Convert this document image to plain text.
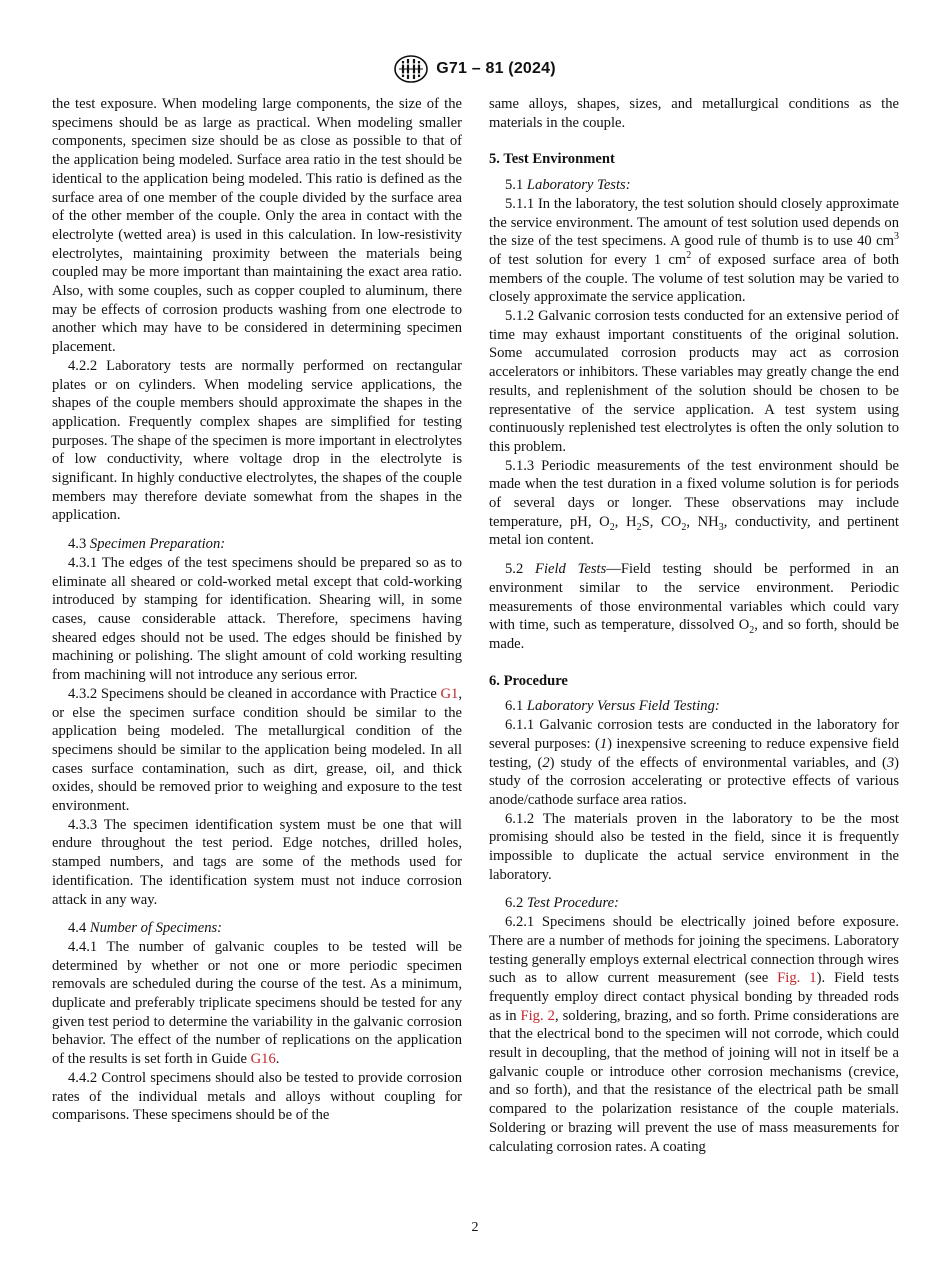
G71 – 81 (2024)

the test exposure. When modeling large components, the size of the specimens should be as large as practical. When modeling smaller components, specimen size should be as close as possible to that of the application being modeled. Surface area ratio in the test should be identical to the application being modeled. This ratio is defined as the surface area of one member of the couple divided by the surface area of the other member of the couple. Only the area in contact with the electrolyte (wetted area) is used in this calculation. In low-resistivity electrolytes, maintaining proximity between the materials being coupled may be more important than maintaining the exact area ratio. Also, with some couples, such as copper coupled to aluminum, there may be effects of corrosion products washing from one electrode to another which may have to be considered in determining specimen placement.

4.2.2 Laboratory tests are normally performed on rectangular plates or on cylinders. When modeling service applications, the shapes of the couple members should approximate the shapes in the application. Frequently complex shapes are simplified for testing purposes. The shape of the specimen is more important in electrolytes of low conductivity, where voltage drop in the electrolyte is significant. In highly conductive electrolytes, the shapes of the couple members may therefore deviate somewhat from the shapes in the application.

4.3 Specimen Preparation:

4.3.1 The edges of the test specimens should be prepared so as to eliminate all sheared or cold-worked metal except that cold-working introduced by stamping for identification. Shearing will, in some cases, cause considerable attack. Therefore, specimens having sheared edges should not be used. The edges should be finished by machining or polishing. The slight amount of cold working resulting from machining will not introduce any serious error.

4.3.2 Specimens should be cleaned in accordance with Practice G1, or else the specimen surface condition should be similar to the application being modeled. The metallurgical condition of the specimens should be similar to the application being modeled. In all cases surface contamination, such as dirt, grease, oil, and thick oxides, should be removed prior to weighing and exposure to the test environment.

4.3.3 The specimen identification system must be one that will endure throughout the test period. Edge notches, drilled holes, stamped numbers, and tags are some of the methods used for identification. The identification system must not induce corrosion attack in any way.

4.4 Number of Specimens:

4.4.1 The number of galvanic couples to be tested will be determined by whether or not one or more periodic specimen removals are scheduled during the course of the test. As a minimum, duplicate and preferably triplicate specimens should be tested for any given test period to determine the variability in the galvanic corrosion behavior. The effect of the number of replications on the application of the results is set forth in Guide G16.

4.4.2 Control specimens should also be tested to provide corrosion rates of the individual metals and alloys without coupling for comparisons. These specimens should be of the

same alloys, shapes, sizes, and metallurgical conditions as the materials in the couple.

5. Test Environment

5.1 Laboratory Tests:

5.1.1 In the laboratory, the test solution should closely approximate the service environment. The amount of test solution used depends on the size of the test specimens. A good rule of thumb is to use 40 $cm^3$ of test solution for every 1 $cm^2$ of exposed surface area of both members of the couple. The volume of test solution may be varied to closely approximate the service application.

5.1.2 Galvanic corrosion tests conducted for an extensive period of time may exhaust important constituents of the original solution. Some accumulated corrosion products may act as corrosion accelerators or inhibitors. These variables may greatly change the end results, and replenishment of the solution should be chosen to be representative of the service application. A test system using continuously replenished test electrolytes is often the only solution to this problem.

5.1.3 Periodic measurements of the test environment should be made when the test duration in a fixed volume solution is for periods of several days or longer. These observations may include temperature, pH, $O_2$, $H_2S$, $CO_2$, $NH_3$, conductivity, and pertinent metal ion content.

5.2 Field Tests—Field testing should be performed in an environment similar to the service environment. Periodic measurements of those environmental variables which could vary with time, such as temperature, dissolved $O_2$, and so forth, should be made.

6. Procedure

6.1 Laboratory Versus Field Testing:

6.1.1 Galvanic corrosion tests are conducted in the laboratory for several purposes: (1) inexpensive screening to reduce expensive field testing, (2) study of the effects of environmental variables, and (3) study of the corrosion accelerating or protective effects of various anode/cathode surface area ratios.

6.1.2 The materials proven in the laboratory to be the most promising should also be tested in the field, since it is frequently impossible to duplicate the actual service environment in the laboratory.

6.2 Test Procedure:

6.2.1 Specimens should be electrically joined before exposure. There are a number of methods for joining the specimens. Laboratory testing generally employs external electrical connection through wires such as to allow current measurement (see Fig. 1). Field tests frequently employ direct contact physical bonding by threaded rods as in Fig. 2, soldering, brazing, and so forth. Prime considerations are that the electrical bond to the specimen will not corrode, which could result in decoupling, that the method of joining will not in itself be a galvanic couple or introduce other corrosion mechanisms (crevice, and so forth), and that the resistance of the electrical path be small compared to the polarization resistance of the couple materials. Soldering or brazing will prevent the use of mass measurements for calculating corrosion rates. A coating

2
